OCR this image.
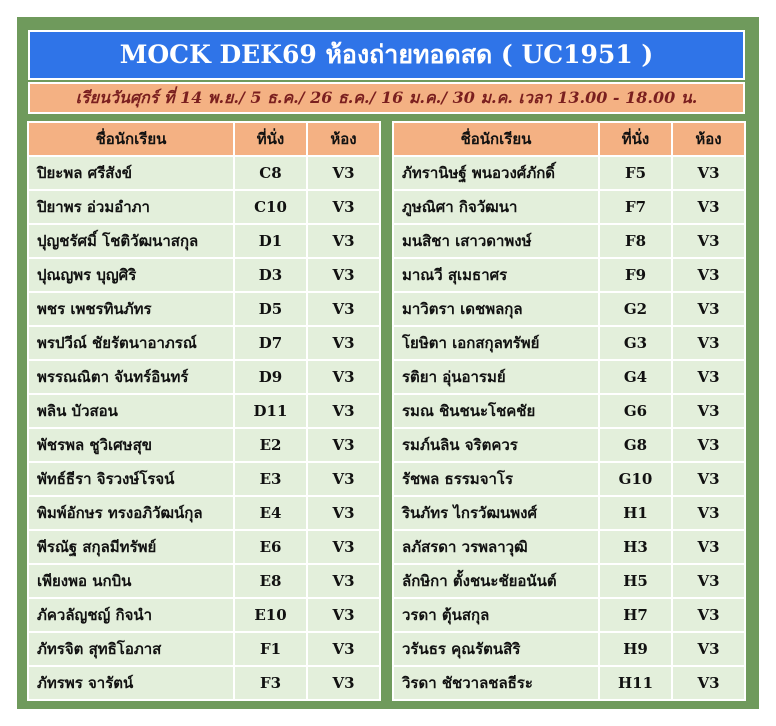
MOCK DEK69 ห้องถ่ายทอดสด ( UC1951 )
เรียนวันศุกร์ ที่ 14 พ.ย./ 5 ธ.ค./ 26 ธ.ค./ 16 ม.ค./ 30 ม.ค. เวลา 13.00 - 18.00 น.
ชื่อนักเรียน	ที่นั่ง	ห้อง
ปิยะพล ศรีสังข์	C8	V3
ปิยาพร อ่วมอำภา	C10	V3
ปุญชรัศมิ์ โชติวัฒนาสกุล	D1	V3
ปุณญพร บุญศิริ	D3	V3
พชร เพชรทินภัทร	D5	V3
พรปวีณ์ ชัยรัตนาอาภรณ์	D7	V3
พรรณณิตา จันทร์อินทร์	D9	V3
พลิน บัวสอน	D11	V3
พัชรพล ชูวิเศษสุข	E2	V3
พัทธ์ธีรา จิรวงษ์โรจน์	E3	V3
พิมพ์อักษร ทรงอภิวัฒน์กุล	E4	V3
พีรณัฐ สกุลมีทรัพย์	E6	V3
เพียงพอ นกบิน	E8	V3
ภัควลัญชญ์ กิจนำ	E10	V3
ภัทรจิต สุทธิโอภาส	F1	V3
ภัทรพร จารัตน์	F3	V3
ชื่อนักเรียน	ที่นั่ง	ห้อง
ภัทรานิษฐ์ พนอวงศ์ภักดิ์	F5	V3
ภูษณิศา กิจวัฒนา	F7	V3
มนสิชา เสาวดาพงษ์	F8	V3
มาณวี สุเมธาศร	F9	V3
มาวิตรา เดชพลกุล	G2	V3
โยษิตา เอกสกุลทรัพย์	G3	V3
รติยา อุ่นอารมย์	G4	V3
รมณ ชินชนะโชคชัย	G6	V3
รมภ์นลิน จริตควร	G8	V3
รัชพล ธรรมจาโร	G10	V3
รินภัทร ไกรวัฒนพงศ์	H1	V3
ลภัสรดา วรพลาวุฒิ	H3	V3
ลักษิกา ตั้งชนะชัยอนันต์	H5	V3
วรดา ตุ้นสกุล	H7	V3
วรันธร คุณรัตนสิริ	H9	V3
วิรดา ชัชวาลชลธีระ	H11	V3
